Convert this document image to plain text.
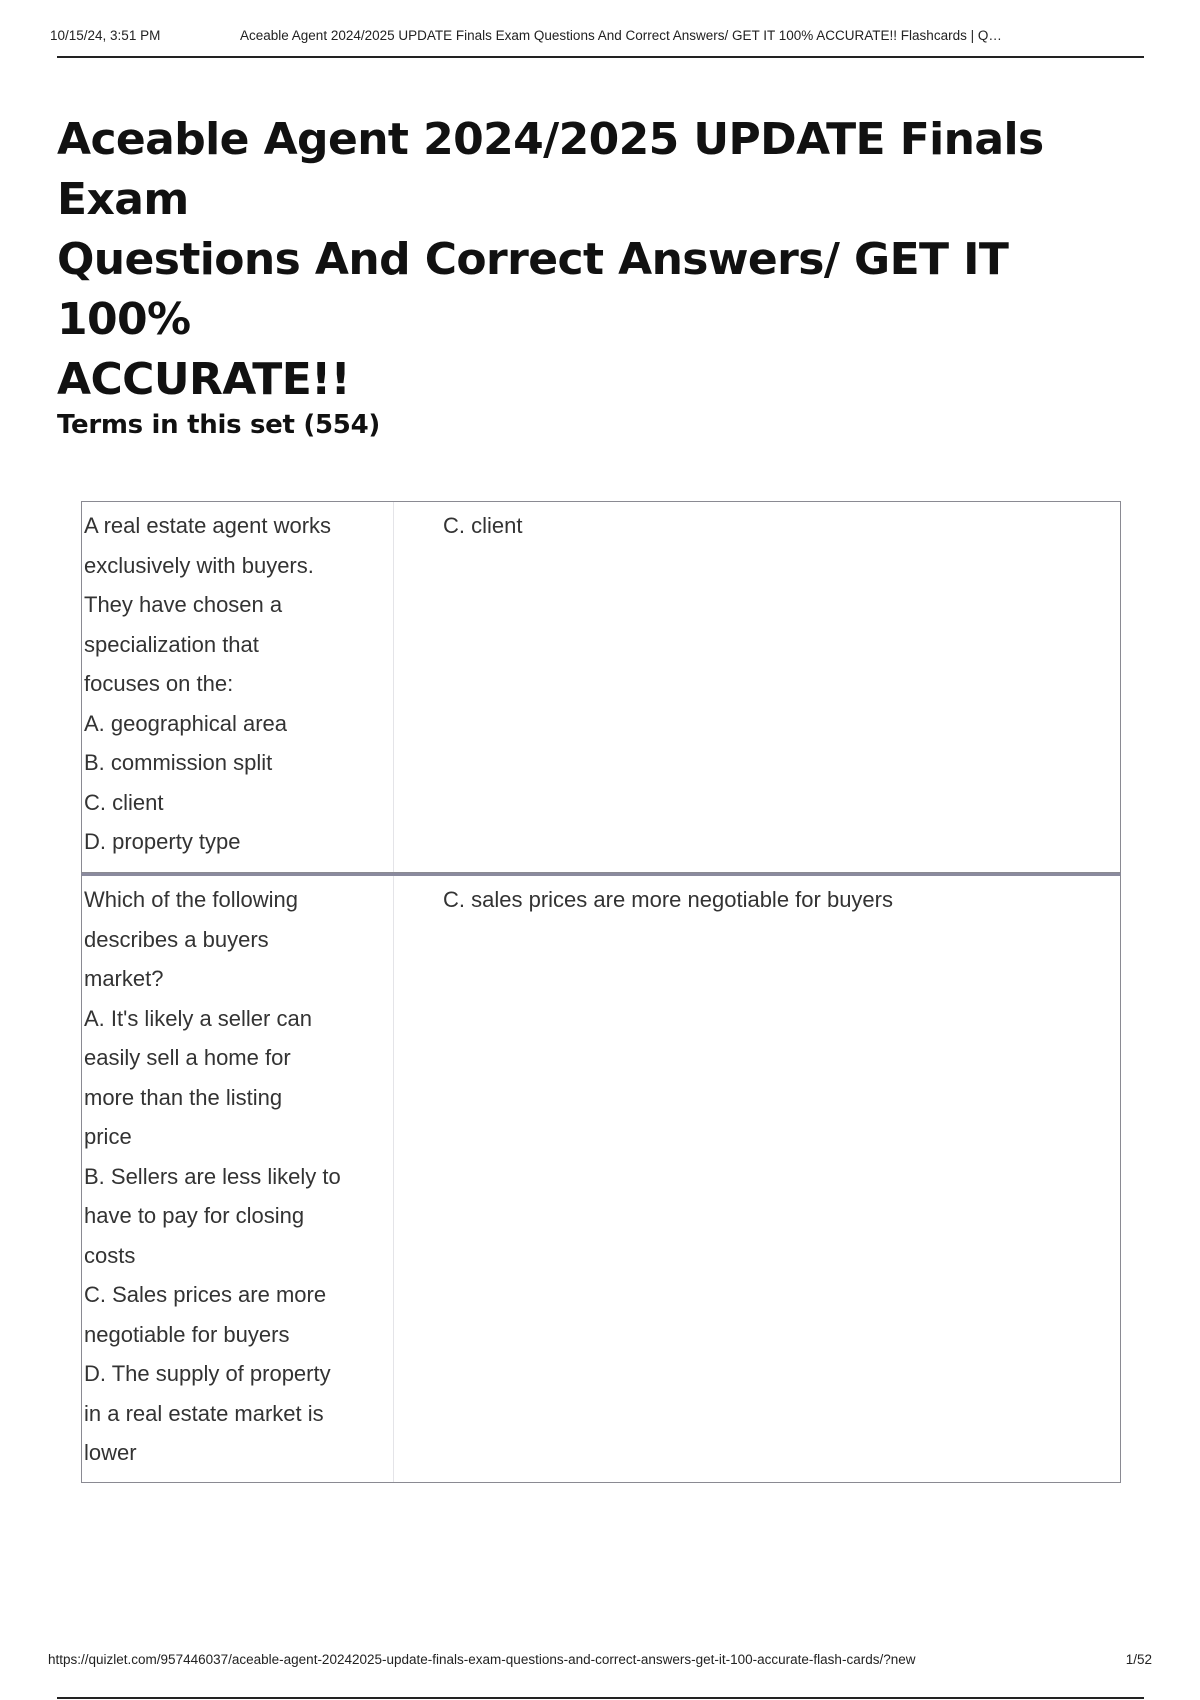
10/15/24, 3:51 PM	Aceable Agent 2024/2025 UPDATE Finals Exam Questions And Correct Answers/ GET IT 100% ACCURATE!! Flashcards | Q…
Aceable Agent 2024/2025 UPDATE Finals Exam
Questions And Correct Answers/ GET IT 100%
ACCURATE!!
Terms in this set (554)
A real estate agent works
exclusively with buyers.
They have chosen a
specialization that
focuses on the:
A. geographical area
B. commission split
C. client
D. property type
C. client
Which of the following
describes a buyers
market?
A. It's likely a seller can
easily sell a home for
more than the listing
price
B. Sellers are less likely to
have to pay for closing
costs
C. Sales prices are more
negotiable for buyers
D. The supply of property
in a real estate market is
lower
C. sales prices are more negotiable for buyers
https://quizlet.com/957446037/aceable-agent-20242025-update-finals-exam-questions-and-correct-answers-get-it-100-accurate-flash-cards/?new	1/52
